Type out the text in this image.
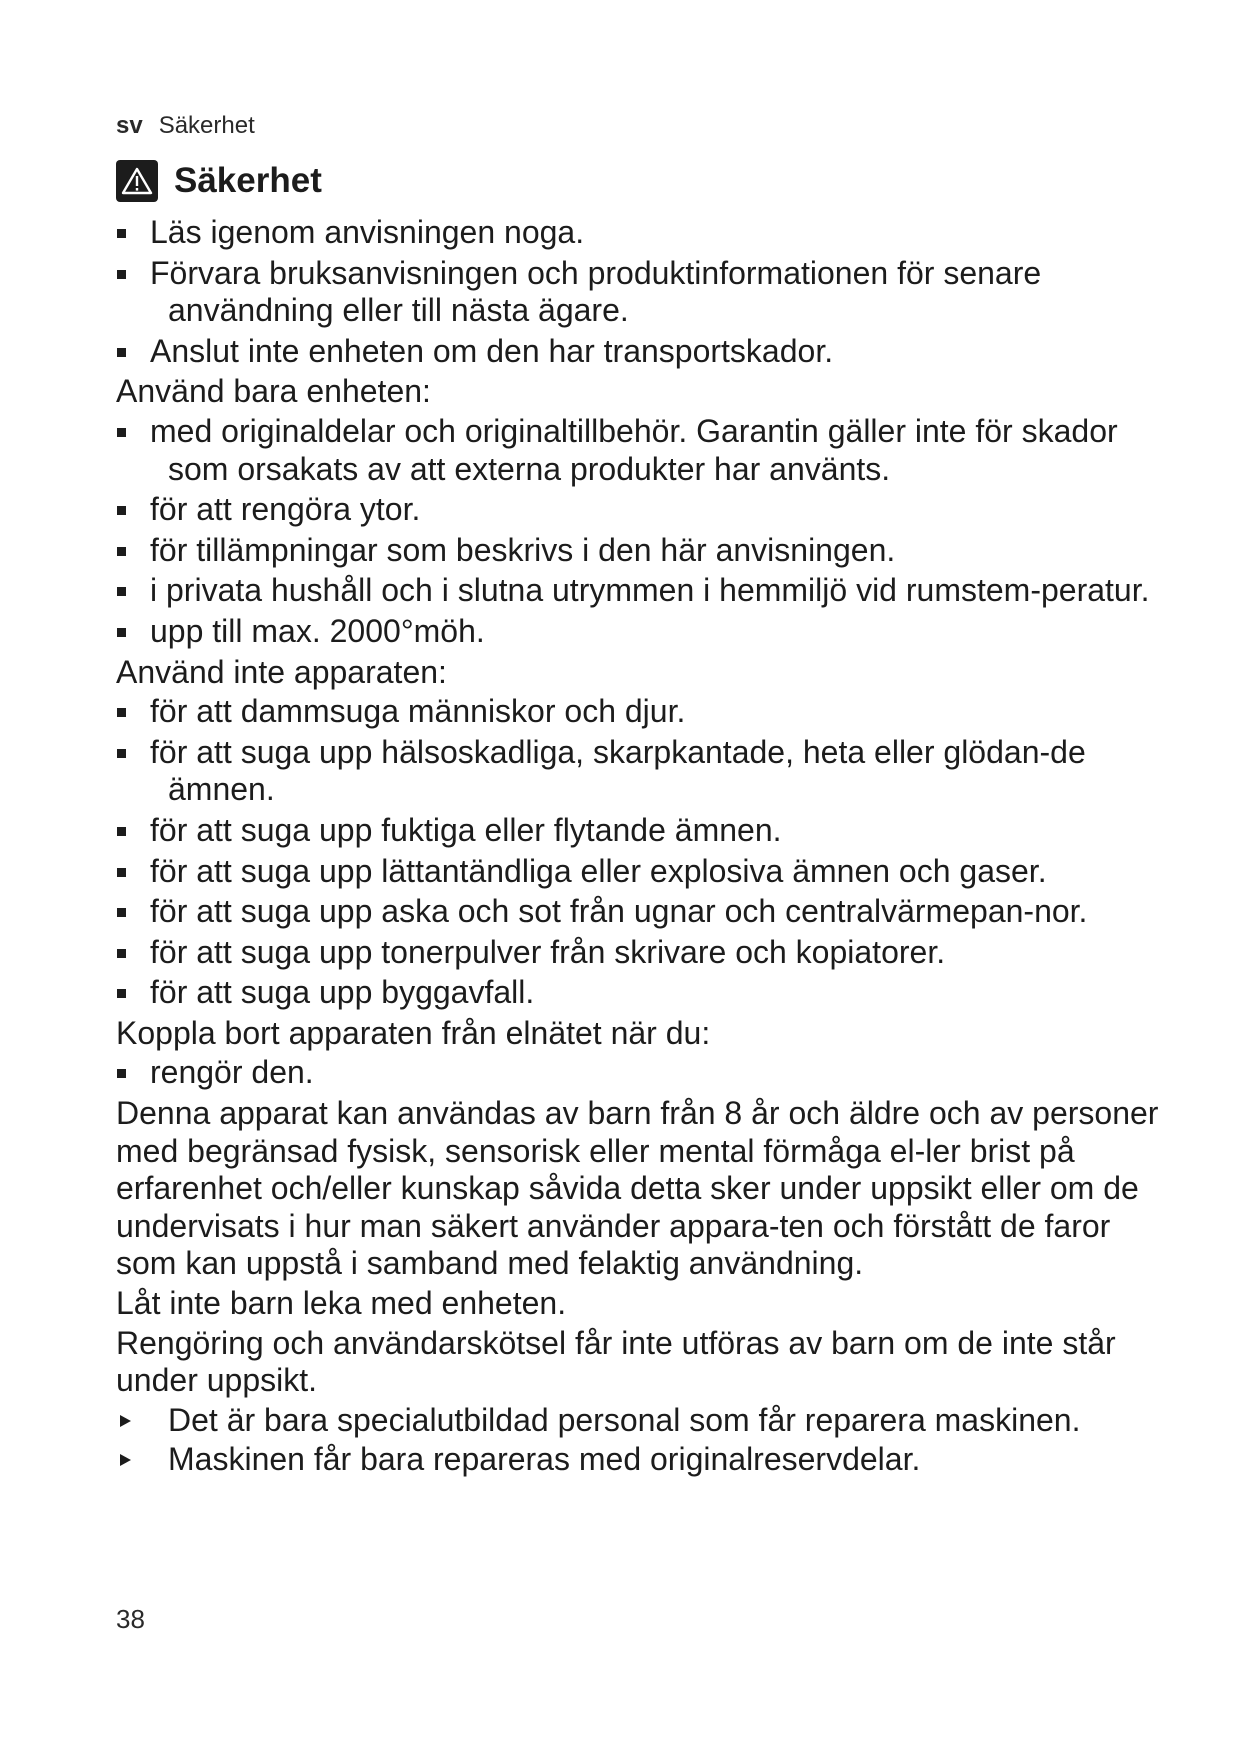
sv Säkerhet
Säkerhet
Läs igenom anvisningen noga.
Förvara bruksanvisningen och produktinformationen för senare användning eller till nästa ägare.
Anslut inte enheten om den har transportskador.
Använd bara enheten:
med originaldelar och originaltillbehör. Garantin gäller inte för skador som orsakats av att externa produkter har använts.
för att rengöra ytor.
för tillämpningar som beskrivs i den här anvisningen.
i privata hushåll och i slutna utrymmen i hemmiljö vid rumstem-peratur.
upp till max. 2000°möh.
Använd inte apparaten:
för att dammsuga människor och djur.
för att suga upp hälsoskadliga, skarpkantade, heta eller glödan-de ämnen.
för att suga upp fuktiga eller flytande ämnen.
för att suga upp lättantändliga eller explosiva ämnen och gaser.
för att suga upp aska och sot från ugnar och centralvärmepan-nor.
för att suga upp tonerpulver från skrivare och kopiatorer.
för att suga upp byggavfall.
Koppla bort apparaten från elnätet när du:
rengör den.
Denna apparat kan användas av barn från 8 år och äldre och av personer med begränsad fysisk, sensorisk eller mental förmåga el-ler brist på erfarenhet och/eller kunskap såvida detta sker under uppsikt eller om de undervisats i hur man säkert använder appara-ten och förstått de faror som kan uppstå i samband med felaktig användning.
Låt inte barn leka med enheten.
Rengöring och användarskötsel får inte utföras av barn om de inte står under uppsikt.
Det är bara specialutbildad personal som får reparera maskinen.
Maskinen får bara repareras med originalreservdelar.
38
